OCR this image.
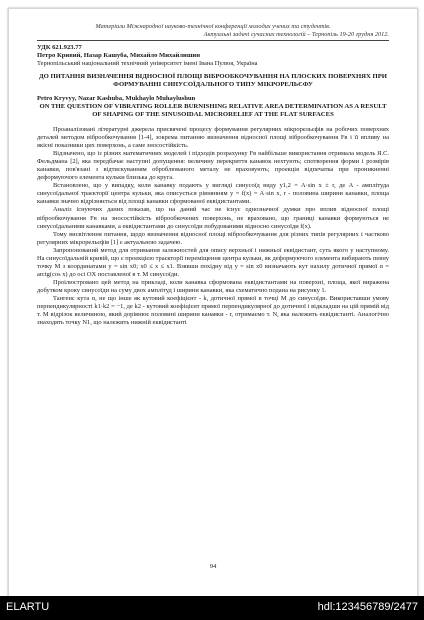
Матеріали Міжнародної науково-технічної конференції молодих учених та студентів.
Актуальні задачі сучасних технологій – Тернопіль 19-20 грудня 2012.
УДК 621.923.77
Петро Кривий, Назар Кашуба, Михайло Михайлишин
Тернопільський національний технічний університет імені Івана Пулюя, Україна
ДО ПИТАННЯ ВИЗНАЧЕННЯ ВІДНОСНОЇ ПЛОЩІ ВІБРООБКОЧУВАННЯ НА ПЛОСКИХ ПОВЕРХНЯХ ПРИ ФОРМУВАННІ СИНУСОЇДАЛЬНОГО ТИПУ МІКРОРЕЛЬЄФУ
Petro Kryvyy, Nazar Kashuba, Mukhaylo Muhaylushun
ON THE QUESTION OF VIBRATING ROLLER BURNISHING RELATIVE AREA DETERMINATION AS A RESULT OF SHAPING OF THE SINUSOIDAL MICRORELIEF AT THE FLAT SURFACES

Проаналізовані літературні джерела присвячені процесу формування регулярних мікрорельєфів на робочих поверхнях деталей методом віброобкочування [1-4], зокрема питанню визначення відносної площі віброобкочування Fв і її впливу на якісні показники цих поверхонь, а саме зносостійкість.

Відзначено, що із різних математичних моделей і підходів розрахунку Fв найбільше використання отримала модель Я.С. Фельдмана [2], яка передбачає наступні допущення: величину перекриття канавок нехтують; спотворення форми і розмірів канавки, пов'язані з відтискуванням оброблюваного металу не враховують; проекція відпечатка при проникненні деформуючого елемента кульки близька до круга.

Встановлено, що у випадку, коли канавку подають у вигляді синусоїд виду y1,2 = A·sin x ± r, де A - амплітуда синусоїдальної траєкторії центра кульки, яка описується рівнянням y = f(x) = A·sin x, r - половина ширини канавки, площа канавки значно відрізняється від площі канавки сформованої еквідистантами.

Аналіз існуючих даних показав, що на даний час не існує однозначної думки про вплив відносної площі віброобкочування Fв на зносостійкість віброобкочених поверхонь, не враховано, що границі канавки формуються не синусоїдальними канавками, а еквідистантами до синусоїди побудованими відносно синусоїди f(x).

Тому висвітлення питання, щодо визначення відносної площі віброобкочування для різних типів регулярних і частково регулярних мікрорельєфів [1] є актуальною задачею.

Запропонований метод для отримання залежностей для опису верхньої і нижньої еквідистант, суть якого у наступному. На синусоїдальній кривій, що є проекцією траєкторії переміщення центра кульки, як деформуючого елемента вибирають певну точку M з координатами y = sin x0; x0 ≤ x ≤ x1. Взявши похідну від y = sin x0 визначають кут нахилу дотичної прямої α = arctg(cos x) до осі OX поставленої в т. M синусоїди.

Проілюстровано цей метод на прикладі, коли канавка сформована еквідистантами на поверхні, площа, якої виражена добутком кроку синусоїди на суму двох амплітуд і ширини канавки, яка схематично подана на рисунку 1.

Тангенс кута α, не що інше як кутовий коефіцієнт - k, дотичної прямої в точці M до синусоїди. Використавши умову перпендикулярності k1·k2 = −1, де k2 - кутовий коефіцієнт прямої перпендикулярної до дотичної і відкладши на цій прямій від т. M відрізок величиною, який дорівнює половині ширини канавки - r, отримаємо т. N, яка належить еквідистанті. Аналогічно знаходять точку N1, що належить нижній еквідистанті

94
ELARTU	hdl:123456789/2477
